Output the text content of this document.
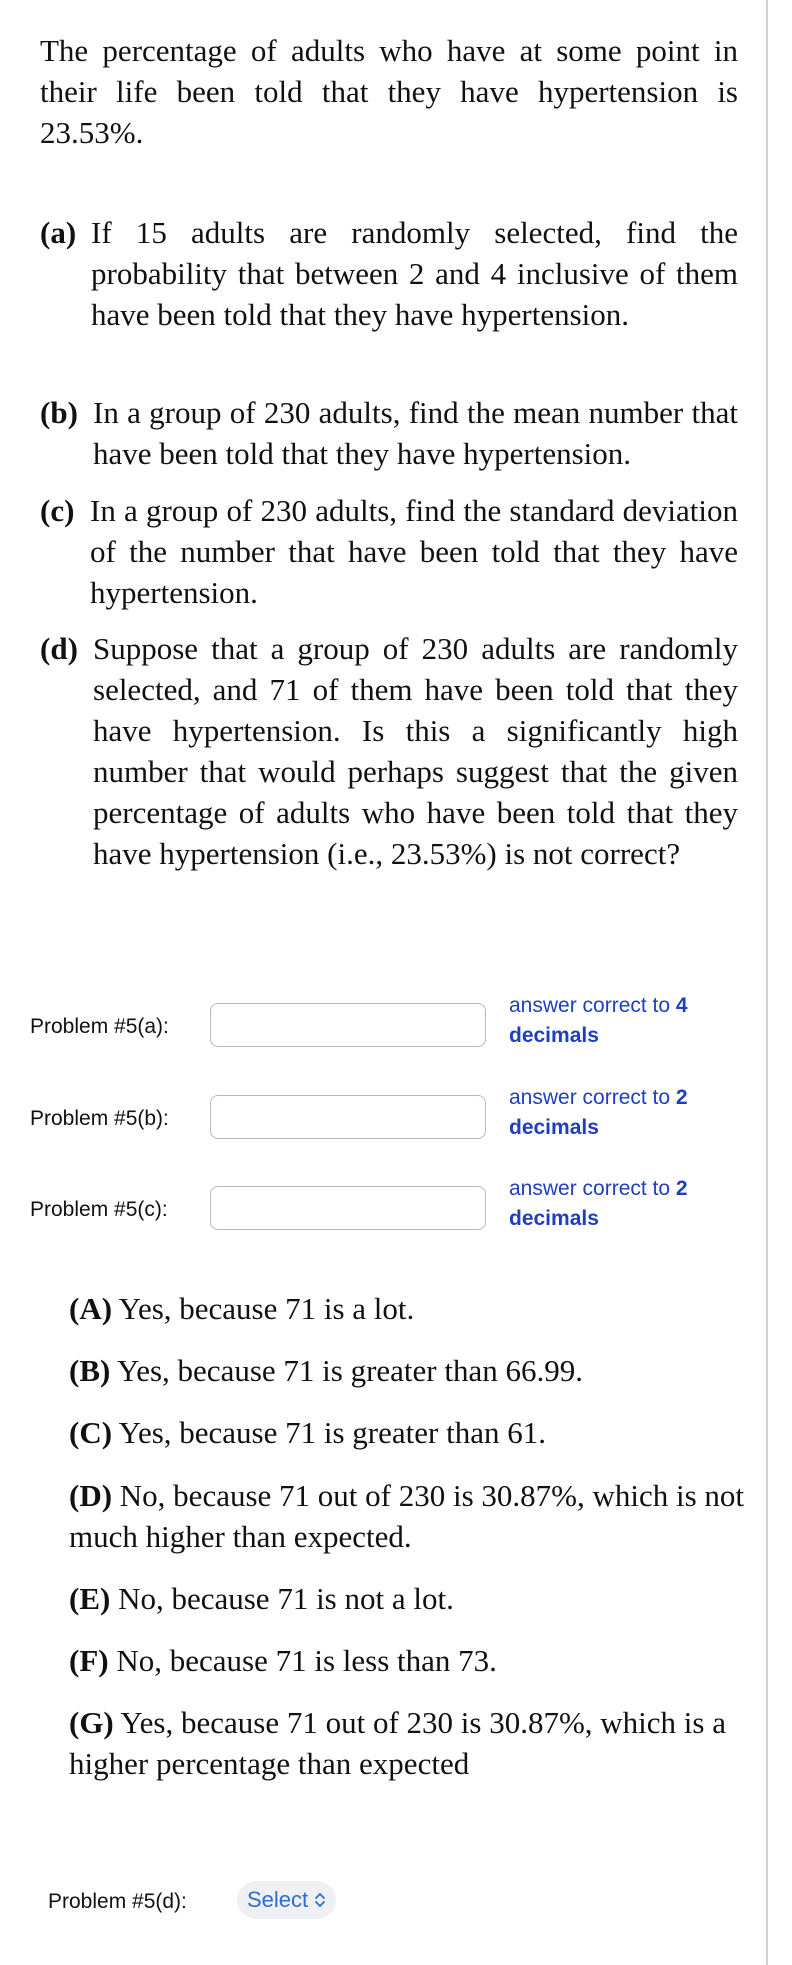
The percentage of adults who have at some point in their life been told that they have hypertension is 23.53%.
(a) If 15 adults are randomly selected, find the probability that between 2 and 4 inclusive of them have been told that they have hypertension.
(b) In a group of 230 adults, find the mean number that have been told that they have hypertension.
(c) In a group of 230 adults, find the standard deviation of the number that have been told that they have hypertension.
(d) Suppose that a group of 230 adults are randomly selected, and 71 of them have been told that they have hypertension. Is this a significantly high number that would perhaps suggest that the given percentage of adults who have been told that they have hypertension (i.e., 23.53%) is not correct?
Problem #5(a):
answer correct to 4
decimals
Problem #5(b):
answer correct to 2
decimals
Problem #5(c):
answer correct to 2
decimals
(A) Yes, because 71 is a lot.
(B) Yes, because 71 is greater than 66.99.
(C) Yes, because 71 is greater than 61.
(D) No, because 71 out of 230 is 30.87%, which is not much higher than expected.
(E) No, because 71 is not a lot.
(F) No, because 71 is less than 73.
(G) Yes, because 71 out of 230 is 30.87%, which is a higher percentage than expected
Problem #5(d):	Select
